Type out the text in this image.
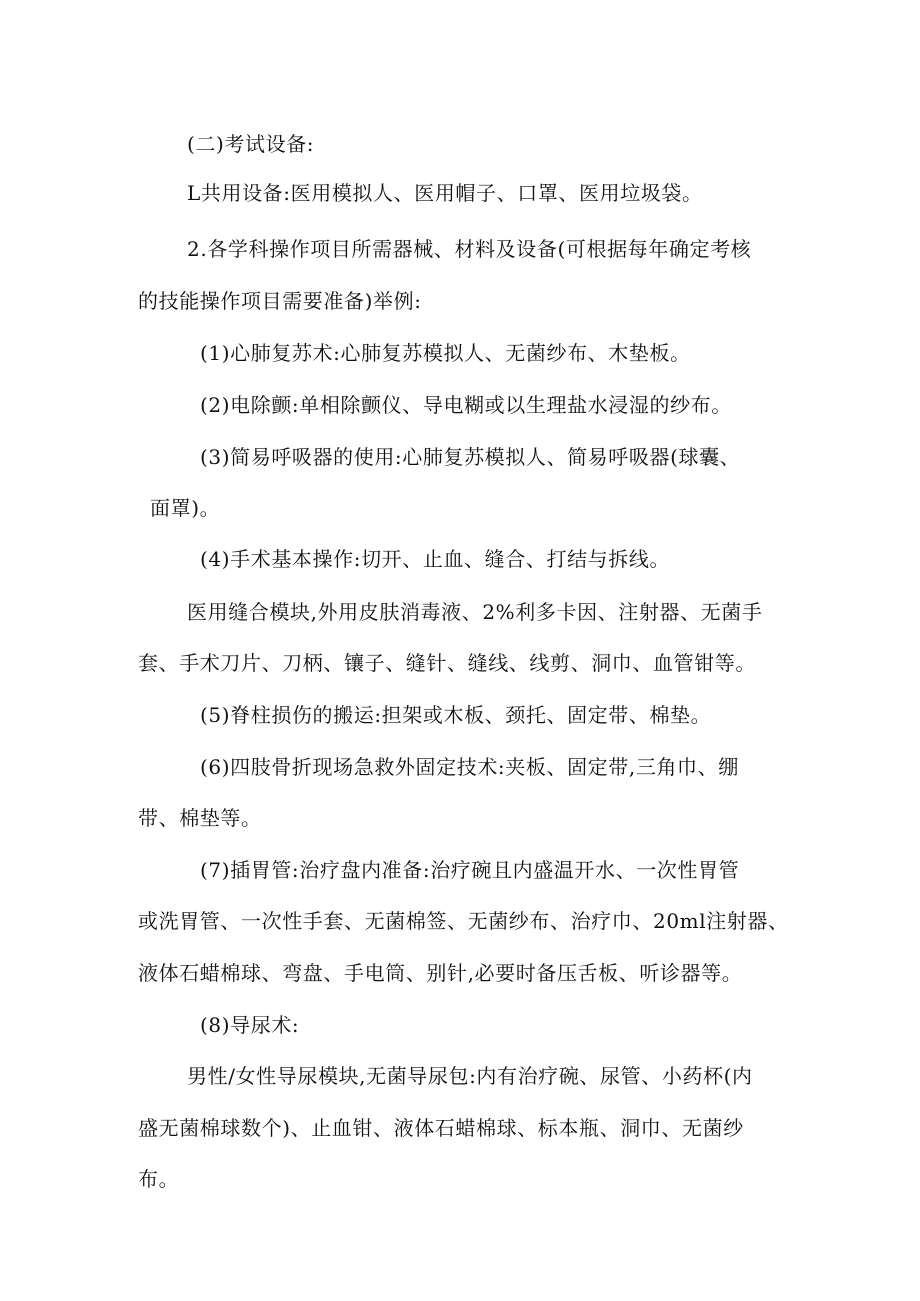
(二)考试设备:
L共用设备:医用模拟人、医用帽子、口罩、医用垃圾袋。
2.各学科操作项目所需器械、材料及设备(可根据每年确定考核
的技能操作项目需要准备)举例:
(1)心肺复苏术:心肺复苏模拟人、无菌纱布、木垫板。
(2)电除颤:单相除颤仪、导电糊或以生理盐水浸湿的纱布。
(3)简易呼吸器的使用:心肺复苏模拟人、简易呼吸器(球囊、
面罩)。
(4)手术基本操作:切开、止血、缝合、打结与拆线。
医用缝合模块,外用皮肤消毒液、2%利多卡因、注射器、无菌手
套、手术刀片、刀柄、镶子、缝针、缝线、线剪、洞巾、血管钳等。
(5)脊柱损伤的搬运:担架或木板、颈托、固定带、棉垫。
(6)四肢骨折现场急救外固定技术:夹板、固定带,三角巾、绷
带、棉垫等。
(7)插胃管:治疗盘内准备:治疗碗且内盛温开水、一次性胃管
或洗胃管、一次性手套、无菌棉签、无菌纱布、治疗巾、20ml注射器、
液体石蜡棉球、弯盘、手电筒、别针,必要时备压舌板、听诊器等。
(8)导尿术:
男性/女性导尿模块,无菌导尿包:内有治疗碗、尿管、小药杯(内
盛无菌棉球数个)、止血钳、液体石蜡棉球、标本瓶、洞巾、无菌纱
布。
